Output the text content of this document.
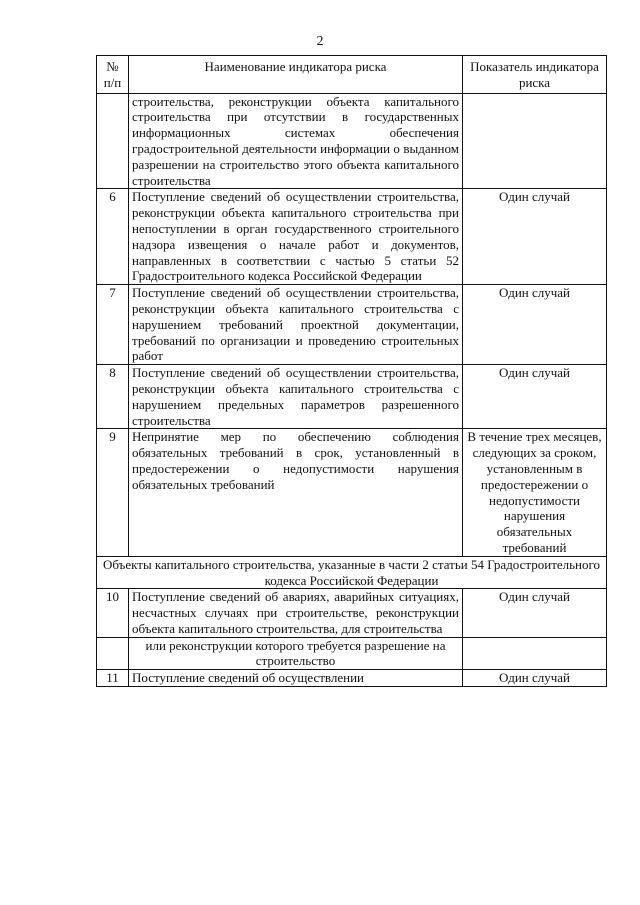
2
№ п/п	Наименование индикатора риска	Показатель индикатора риска
	строительства, реконструкции объекта капитального строительства при отсутствии в государственных информационных системах обеспечения градостроительной деятельности информации о выданном разрешении на строительство этого объекта капитального строительства	
6	Поступление сведений об осуществлении строительства, реконструкции объекта капитального строительства при непоступлении в орган государственного строительного надзора извещения о начале работ и документов, направленных в соответствии с частью 5 статьи 52 Градостроительного кодекса Российской Федерации	Один случай
7	Поступление сведений об осуществлении строительства, реконструкции объекта капитального строительства с нарушением требований проектной документации, требований по организации и проведению строительных работ	Один случай
8	Поступление сведений об осуществлении строительства, реконструкции объекта капитального строительства с нарушением предельных параметров разрешенного строительства	Один случай
9	Непринятие мер по обеспечению соблюдения обязательных требований в срок, установленный в предостережении о недопустимости нарушения обязательных требований	В течение трех месяцев, следующих за сроком, установленным в предостережении о недопустимости нарушения обязательных требований
Объекты капитального строительства, указанные в части 2 статьи 54 Градостроительного кодекса Российской Федерации		
10	Поступление сведений об авариях, аварийных ситуациях, несчастных случаях при строительстве, реконструкции объекта капитального строительства, для строительства	Один случай
	или реконструкции которого требуется разрешение на строительство	
11	Поступление сведений об осуществлении	Один случай
